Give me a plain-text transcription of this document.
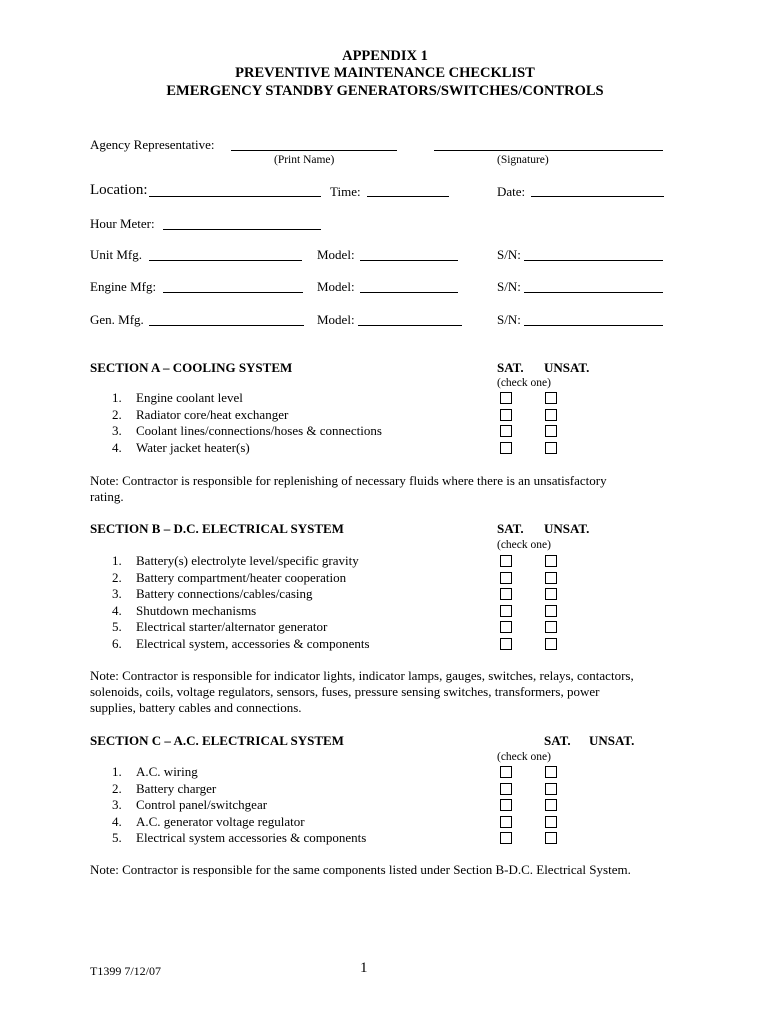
APPENDIX 1
PREVENTIVE MAINTENANCE CHECKLIST
EMERGENCY STANDBY GENERATORS/SWITCHES/CONTROLS
Agency Representative:
(Print Name)	(Signature)
Location:	Time:	Date:
Hour Meter:
Unit Mfg.	Model:	S/N:
Engine Mfg:	Model:	S/N:
Gen. Mfg.	Model:	S/N:
SECTION A – COOLING SYSTEM	SAT. UNSAT.
(check one)
1. Engine coolant level
2. Radiator core/heat exchanger
3. Coolant lines/connections/hoses & connections
4. Water jacket heater(s)
Note: Contractor is responsible for replenishing of necessary fluids where there is an unsatisfactory
rating.
SECTION B – D.C. ELECTRICAL SYSTEM	SAT. UNSAT.
(check one)
1. Battery(s) electrolyte level/specific gravity
2. Battery compartment/heater cooperation
3. Battery connections/cables/casing
4. Shutdown mechanisms
5. Electrical starter/alternator generator
6. Electrical system, accessories & components
Note: Contractor is responsible for indicator lights, indicator lamps, gauges, switches, relays, contactors,
solenoids, coils, voltage regulators, sensors, fuses, pressure sensing switches, transformers, power
supplies, battery cables and connections.
SECTION C – A.C. ELECTRICAL SYSTEM	SAT. UNSAT.
(check one)
1. A.C. wiring
2. Battery charger
3. Control panel/switchgear
4. A.C. generator voltage regulator
5. Electrical system accessories & components
Note: Contractor is responsible for the same components listed under Section B-D.C. Electrical System.
T1399 7/12/07	1
